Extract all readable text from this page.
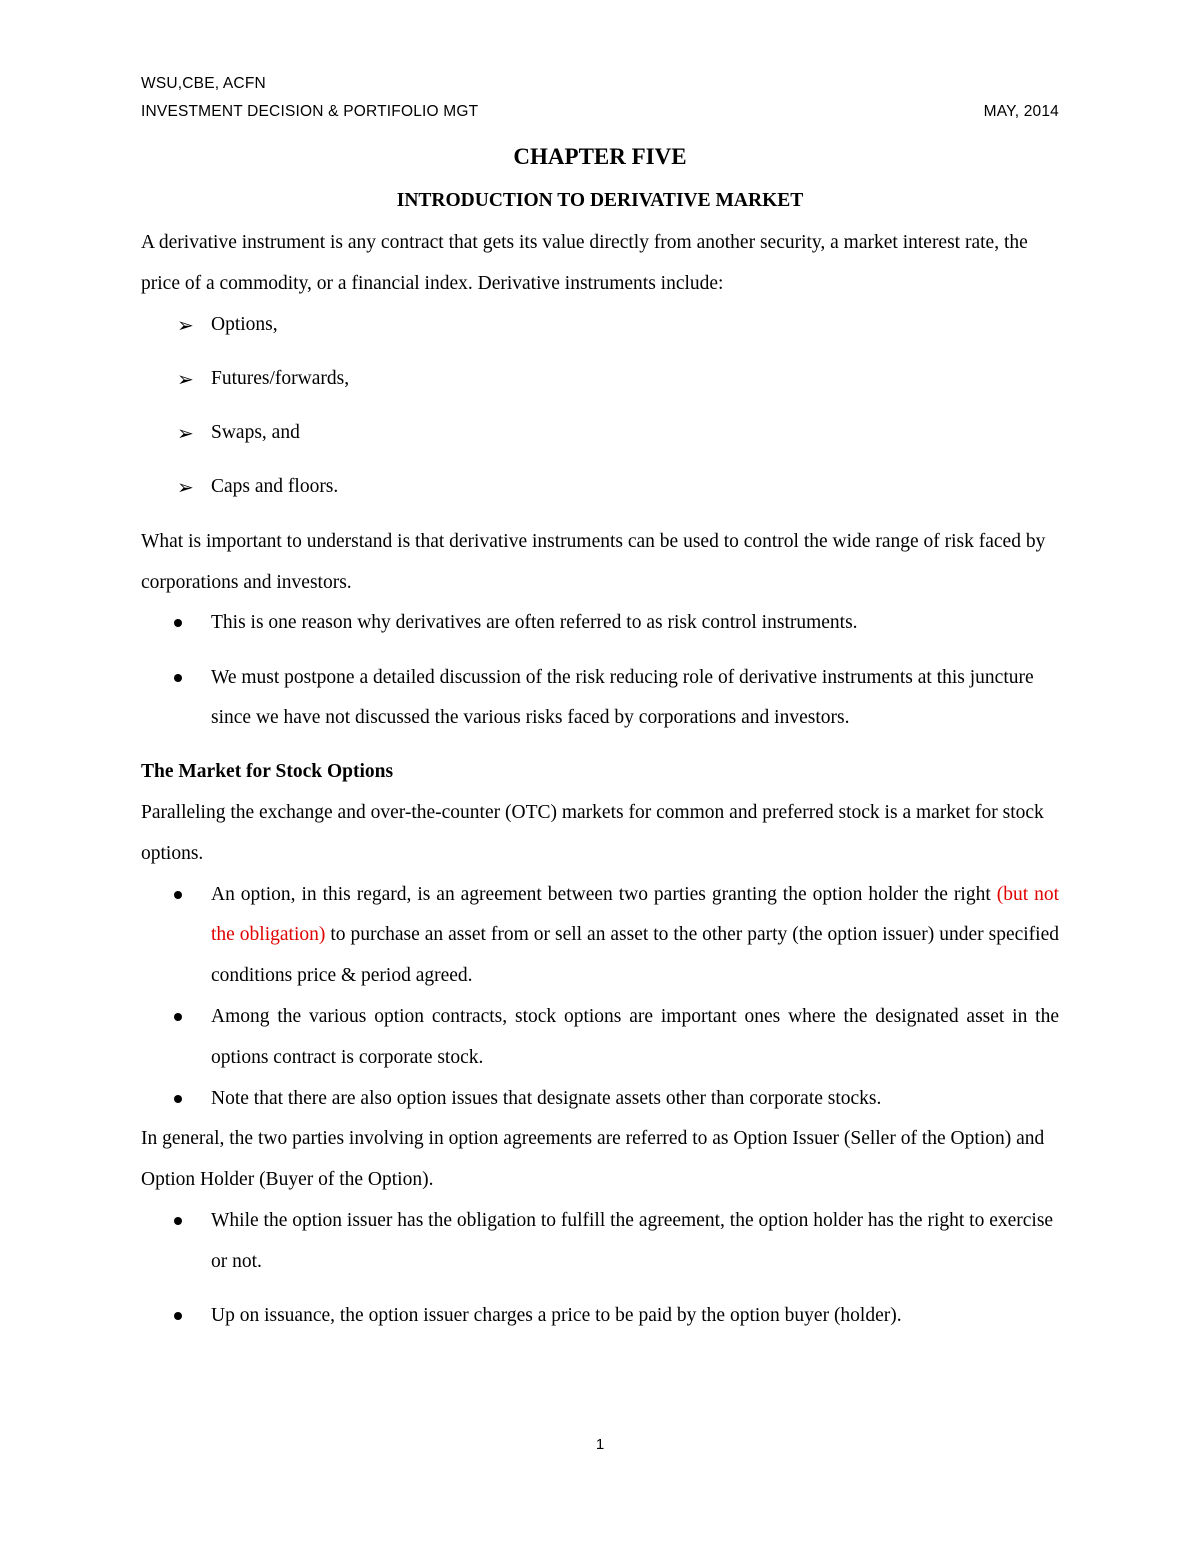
WSU,CBE, ACFN
INVESTMENT DECISION & PORTIFOLIO MGT	MAY, 2014
CHAPTER FIVE
INTRODUCTION TO DERIVATIVE MARKET

A derivative instrument is any contract that gets its value directly from another security, a market interest rate, the price of a commodity, or a financial index. Derivative instruments include:

➢ Options,
➢ Futures/forwards,
➢ Swaps, and
➢ Caps and floors.

What is important to understand is that derivative instruments can be used to control the wide range of risk faced by corporations and investors.

This is one reason why derivatives are often referred to as risk control instruments.
We must postpone a detailed discussion of the risk reducing role of derivative instruments at this juncture since we have not discussed the various risks faced by corporations and investors.

The Market for Stock Options

Paralleling the exchange and over-the-counter (OTC) markets for common and preferred stock is a market for stock options.

An option, in this regard, is an agreement between two parties granting the option holder the right (but not the obligation) to purchase an asset from or sell an asset to the other party (the option issuer) under specified conditions price & period agreed.
Among the various option contracts, stock options are important ones where the designated asset in the options contract is corporate stock.
Note that there are also option issues that designate assets other than corporate stocks.

In general, the two parties involving in option agreements are referred to as Option Issuer (Seller of the Option) and Option Holder (Buyer of the Option).

While the option issuer has the obligation to fulfill the agreement, the option holder has the right to exercise or not.
Up on issuance, the option issuer charges a price to be paid by the option buyer (holder).
1
